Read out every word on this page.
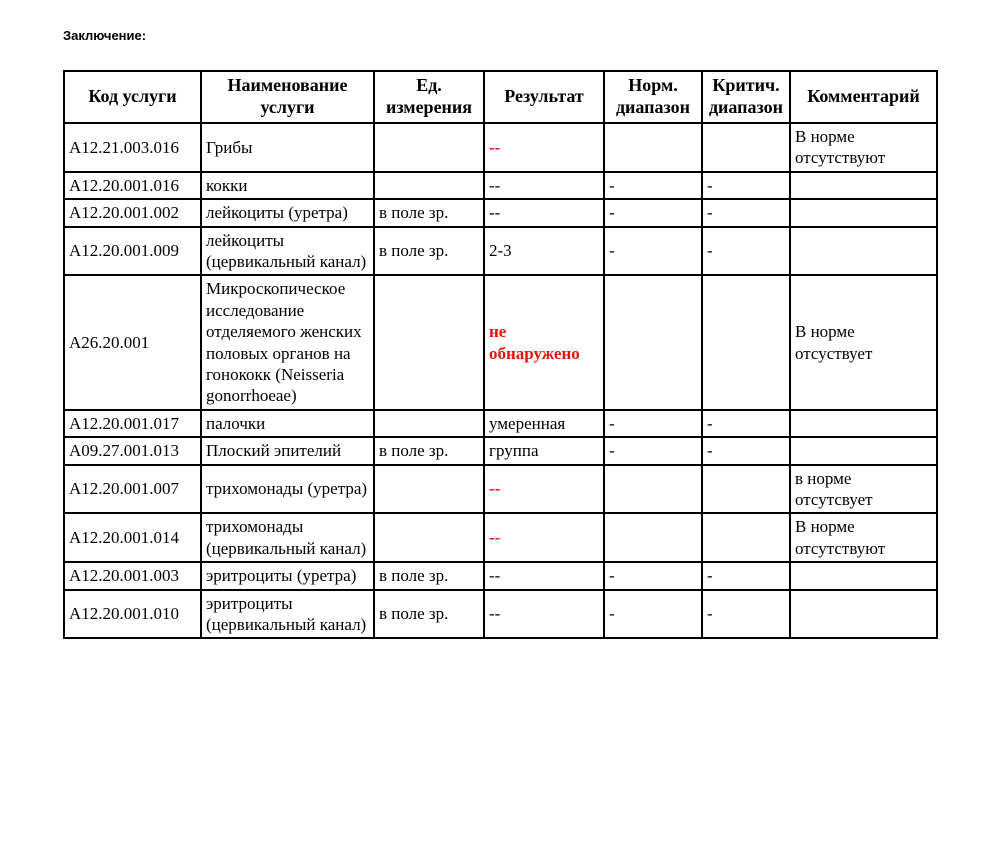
Заключение:
Код услуги	Наименование услуги	Ед. измерения	Результат	Норм. диапазон	Критич. диапазон	Комментарий
А12.21.003.016	Грибы		--			В норме отсутствуют
А12.20.001.016	кокки		--	-	-	
А12.20.001.002	лейкоциты (уретра)	в поле зр.	--	-	-	
А12.20.001.009	лейкоциты (цервикальный канал)	в поле зр.	2-3	-	-	
А26.20.001	Микроскопическое исследование отделяемого женских половых органов на гонококк (Neisseria gonorrhoeae)		не обнаружено			В норме отсуствует
А12.20.001.017	палочки		умеренная	-	-	
А09.27.001.013	Плоский эпителий	в поле зр.	группа	-	-	
А12.20.001.007	трихомонады (уретра)		--			в норме отсутсвует
А12.20.001.014	трихомонады (цервикальный канал)		--			В норме отсутствуют
А12.20.001.003	эритроциты (уретра)	в поле зр.	--	-	-	
А12.20.001.010	эритроциты (цервикальный канал)	в поле зр.	--	-	-	
